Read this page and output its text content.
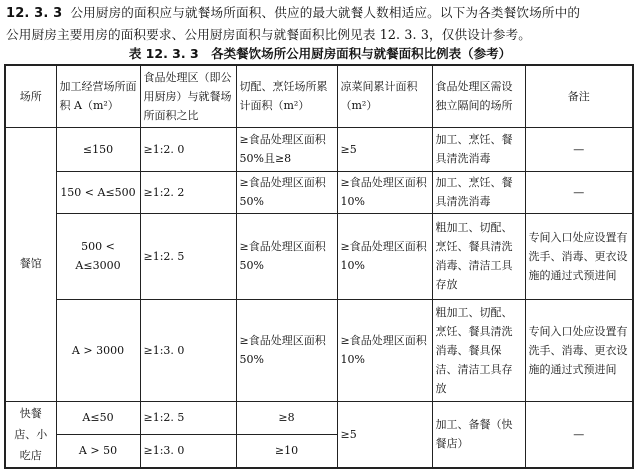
12. 3. 3 公用厨房的面积应与就餐场所面积、供应的最大就餐人数相适应。以下为各类餐饮场所中的
公用厨房主要用房的面积要求、公用厨房面积与就餐面积比例见表 12. 3. 3，仅供设计参考。
表 12. 3. 3　各类餐饮场所公用厨房面积与就餐面积比例表（参考）
场所	加工经营场所面积 A（m²）	食品处理区（即公用厨房）与就餐场所面积之比	切配、烹饪场所累计面积（m²）	凉菜间累计面积（m²）	食品处理区需设独立隔间的场所	备注
餐馆	≤150	≥1:2. 0	≥食品处理区面积50%且≥8	≥5	加工、烹饪、餐具清洗消毒	—
	150 < A≤500	≥1:2. 2	≥食品处理区面积50%	≥食品处理区面积10%	加工、烹饪、餐具清洗消毒	—
	500 < A≤3000	≥1:2. 5	≥食品处理区面积50%	≥食品处理区面积10%	粗加工、切配、烹饪、餐具清洗消毒、清洁工具存放	专间入口处应设置有洗手、消毒、更衣设施的通过式预进间
	A > 3000	≥1:3. 0	≥食品处理区面积50%	≥食品处理区面积10%	粗加工、切配、烹饪、餐具清洗消毒、餐具保洁、清洁工具存放	专间入口处应设置有洗手、消毒、更衣设施的通过式预进间
快餐店、小吃店	A≤50	≥1:2. 5	≥8	≥5	加工、备餐（快餐店）	—
	A > 50	≥1:3. 0	≥10			
